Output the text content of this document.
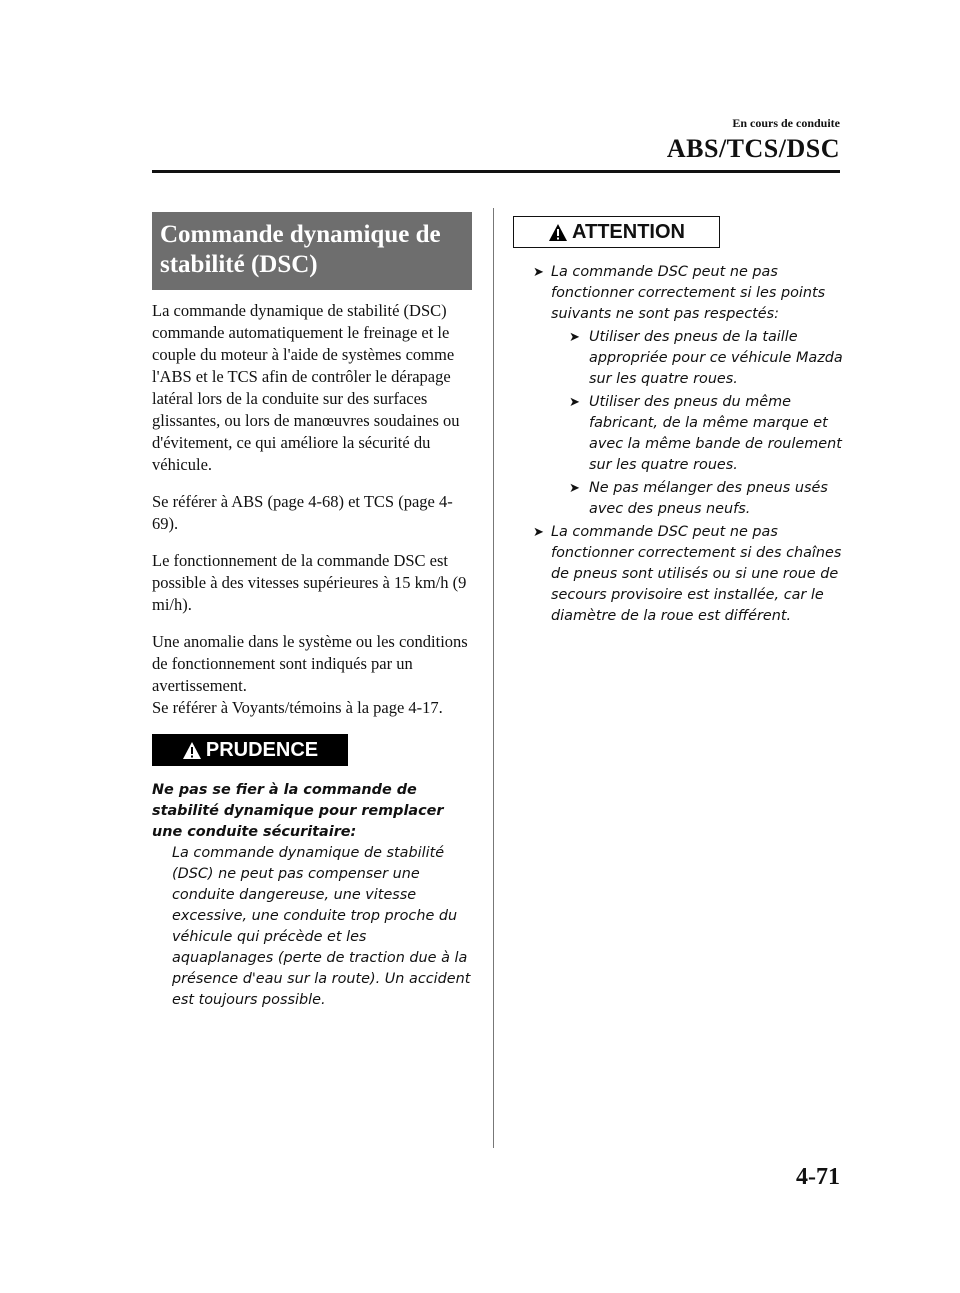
En cours de conduite
ABS/TCS/DSC
Commande dynamique de
stabilité (DSC)

La commande dynamique de stabilité (DSC) commande automatiquement le freinage et le couple du moteur à l'aide de systèmes comme l'ABS et le TCS afin de contrôler le dérapage latéral lors de la conduite sur des surfaces glissantes, ou lors de manœuvres soudaines ou d'évitement, ce qui améliore la sécurité du véhicule.

Se référer à ABS (page 4-68) et TCS (page 4-69).

Le fonctionnement de la commande DSC est possible à des vitesses supérieures à 15 km/h (9 mi/h).

Une anomalie dans le système ou les conditions de fonctionnement sont indiqués par un avertissement.

Se référer à Voyants/témoins à la page 4-17.

PRUDENCE
Ne pas se fier à la commande de stabilité dynamique pour remplacer une conduite sécuritaire:
La commande dynamique de stabilité (DSC) ne peut pas compenser une conduite dangereuse, une vitesse excessive, une conduite trop proche du véhicule qui précède et les aquaplanages (perte de traction due à la présence d'eau sur la route). Un accident est toujours possible.
ATTENTION
➤ La commande DSC peut ne pas fonctionner correctement si les points suivants ne sont pas respectés:
➤ Utiliser des pneus de la taille appropriée pour ce véhicule Mazda sur les quatre roues.
➤ Utiliser des pneus du même fabricant, de la même marque et avec la même bande de roulement sur les quatre roues.
➤ Ne pas mélanger des pneus usés avec des pneus neufs.
➤ La commande DSC peut ne pas fonctionner correctement si des chaînes de pneus sont utilisés ou si une roue de secours provisoire est installée, car le diamètre de la roue est différent.
4-71
